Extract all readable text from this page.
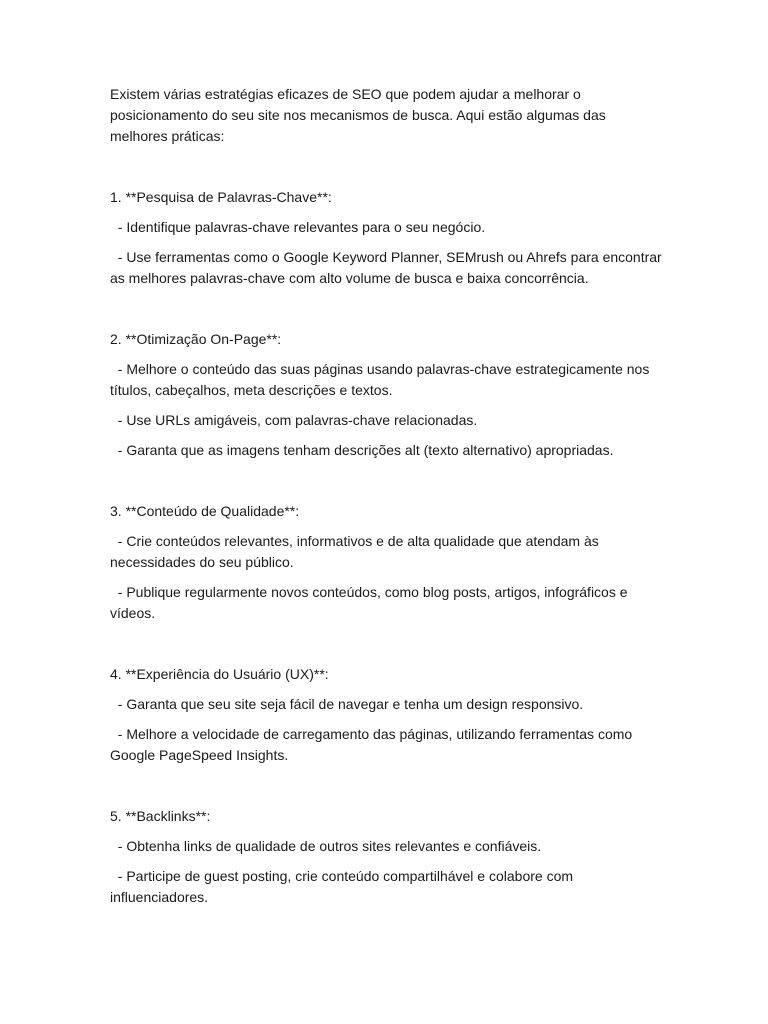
Existem várias estratégias eficazes de SEO que podem ajudar a melhorar o posicionamento do seu site nos mecanismos de busca. Aqui estão algumas das melhores práticas:

1. **Pesquisa de Palavras-Chave**:

- Identifique palavras-chave relevantes para o seu negócio.

- Use ferramentas como o Google Keyword Planner, SEMrush ou Ahrefs para encontrar as melhores palavras-chave com alto volume de busca e baixa concorrência.

2. **Otimização On-Page**:

- Melhore o conteúdo das suas páginas usando palavras-chave estrategicamente nos títulos, cabeçalhos, meta descrições e textos.

- Use URLs amigáveis, com palavras-chave relacionadas.

- Garanta que as imagens tenham descrições alt (texto alternativo) apropriadas.

3. **Conteúdo de Qualidade**:

- Crie conteúdos relevantes, informativos e de alta qualidade que atendam às necessidades do seu público.

- Publique regularmente novos conteúdos, como blog posts, artigos, infográficos e vídeos.

4. **Experiência do Usuário (UX)**:

- Garanta que seu site seja fácil de navegar e tenha um design responsivo.

- Melhore a velocidade de carregamento das páginas, utilizando ferramentas como Google PageSpeed Insights.

5. **Backlinks**:

- Obtenha links de qualidade de outros sites relevantes e confiáveis.

- Participe de guest posting, crie conteúdo compartilhável e colabore com influenciadores.
